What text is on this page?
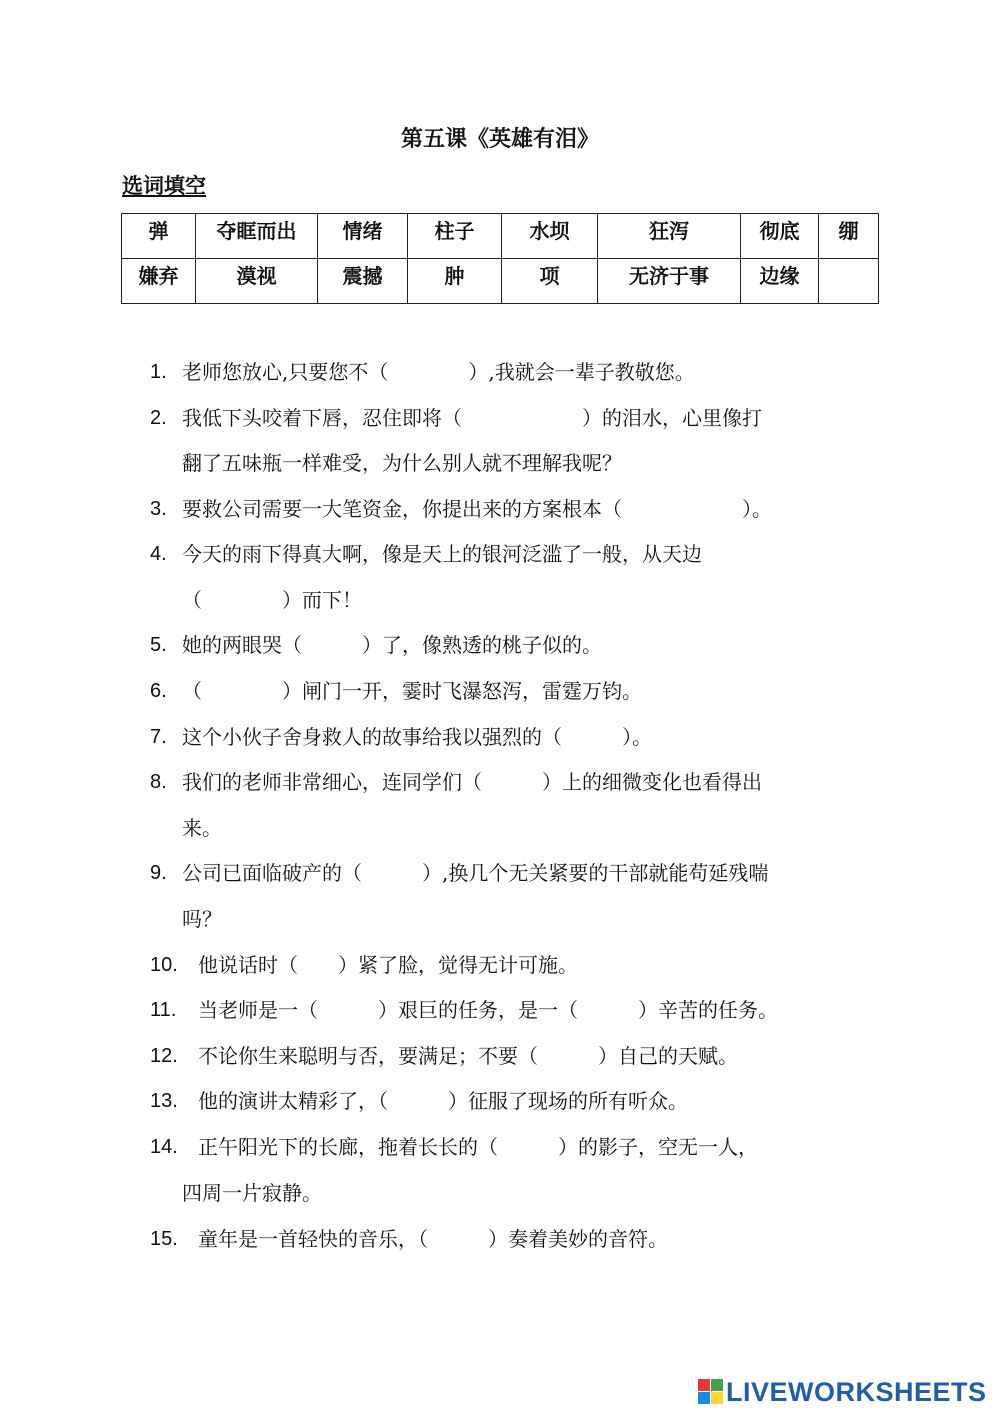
第五课《英雄有泪》
选词填空
弹	夺眶而出	情绪	柱子	水坝	狂泻	彻底	绷
嫌弃	漠视	震撼	肿	项	无济于事	边缘	
1. 老师您放心,只要您不（　　　　）,我就会一辈子教敬您。
2. 我低下头咬着下唇，忍住即将（　　　　　　）的泪水，心里像打
翻了五味瓶一样难受，为什么别人就不理解我呢？
3. 要救公司需要一大笔资金，你提出来的方案根本（　　　　　　）。
4. 今天的雨下得真大啊，像是天上的银河泛滥了一般，从天边
（　　　　）而下！
5. 她的两眼哭（　　　）了，像熟透的桃子似的。
6. （　　　　）闸门一开，霎时飞瀑怒泻，雷霆万钧。
7. 这个小伙子舍身救人的故事给我以强烈的（　　　）。
8. 我们的老师非常细心，连同学们（　　　）上的细微变化也看得出
来。
9. 公司已面临破产的（　　　）,换几个无关紧要的干部就能苟延残喘
吗？
10. 他说话时（　　）紧了脸，觉得无计可施。
11. 当老师是一（　　　）艰巨的任务，是一（　　　）辛苦的任务。
12. 不论你生来聪明与否，要满足；不要（　　　）自己的天赋。
13. 他的演讲太精彩了，（　　　）征服了现场的所有听众。
14. 正午阳光下的长廊，拖着长长的（　　　）的影子，空无一人，
四周一片寂静。
15. 童年是一首轻快的音乐，（　　　）奏着美妙的音符。
LIVEWORKSHEETS
